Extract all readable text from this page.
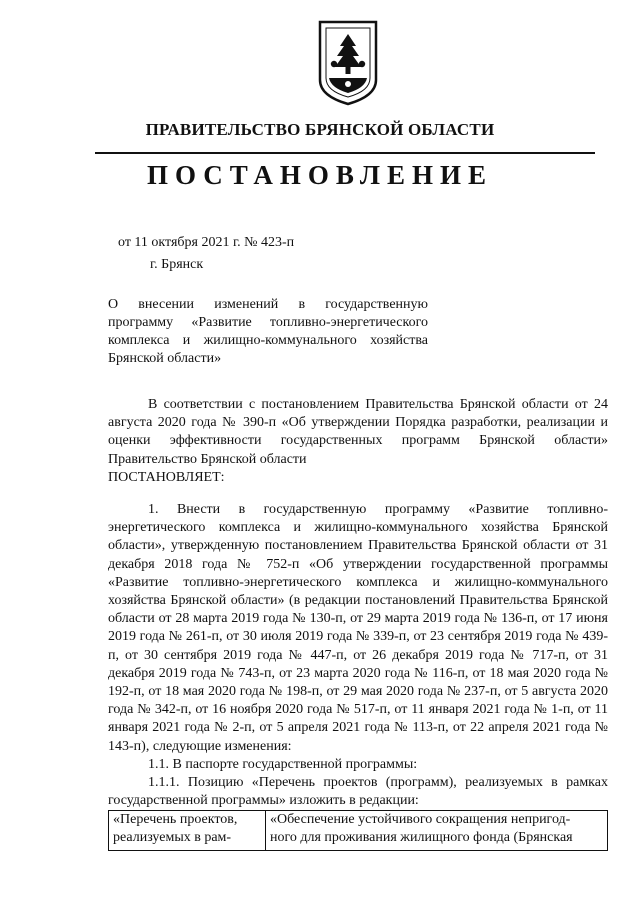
ПРАВИТЕЛЬСТВО БРЯНСКОЙ ОБЛАСТИ
ПОСТАНОВЛЕНИЕ
от 11 октября 2021 г. № 423-п
г. Брянск
О внесении изменений в государственную программу «Развитие топливно-энергетического комплекса и жилищно-коммунального хозяйства Брянской области»

В соответствии с постановлением Правительства Брянской области от 24 августа 2020 года № 390-п «Об утверждении Порядка разработки, реализации и оценки эффективности государственных программ Брянской области» Правительство Брянской области

ПОСТАНОВЛЯЕТ:

1. Внести в государственную программу «Развитие топливно-энергетического комплекса и жилищно-коммунального хозяйства Брянской области», утвержденную постановлением Правительства Брянской области от 31 декабря 2018 года № 752-п «Об утверждении государственной программы «Развитие топливно-энергетического комплекса и жилищно-коммунального хозяйства Брянской области» (в редакции постановлений Правительства Брянской области от 28 марта 2019 года № 130-п, от 29 марта 2019 года № 136-п, от 17 июня 2019 года № 261-п, от 30 июля 2019 года № 339-п, от 23 сентября 2019 года № 439-п, от 30 сентября 2019 года № 447-п, от 26 декабря 2019 года № 717-п, от 31 декабря 2019 года № 743-п, от 23 марта 2020 года № 116-п, от 18 мая 2020 года № 192-п, от 18 мая 2020 года № 198-п, от 29 мая 2020 года № 237-п, от 5 августа 2020 года № 342-п, от 16 ноября 2020 года № 517-п, от 11 января 2021 года № 1-п, от 11 января 2021 года № 2-п, от 5 апреля 2021 года № 113-п, от 22 апреля 2021 года № 143-п), следующие изменения:

1.1. В паспорте государственной программы:

1.1.1. Позицию «Перечень проектов (программ), реализуемых в рамках государственной программы» изложить в редакции:

«Перечень проектов,
реализуемых в рам-

«Обеспечение устойчивого сокращения непригод-
ного для проживания жилищного фонда (Брянская
